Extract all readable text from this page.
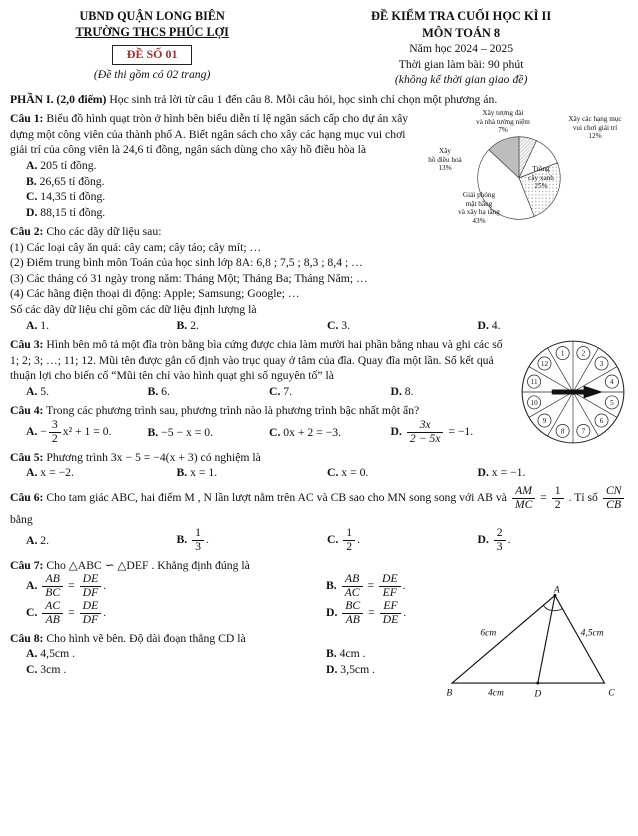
UBND QUẬN LONG BIÊN
TRƯỜNG THCS PHÚC LỢI
ĐỀ SỐ 01
(Đề thi gồm có 02 trang)
ĐỀ KIỂM TRA CUỐI HỌC KÌ II
MÔN TOÁN 8
Năm học 2024 – 2025
Thời gian làm bài: 90 phút
(không kể thời gian giao đề)
PHẦN I. (2,0 điểm) Học sinh trả lời từ câu 1 đến câu 8. Mỗi câu hỏi, học sinh chỉ chọn một phương án.
Xây tượng đài
và nhà tưởng niệm
7%
Xây các hạng mục
vui chơi giải trí
12%
Xây
hồ điều hoà
13%	Trồng
cây xanh
25%
Giải phóng
mặt bằng
và xây hạ tầng
43%
Câu 1: Biểu đồ hình quạt tròn ở hình bên biểu diễn tỉ lệ ngân sách cấp cho dự án xây dựng một công viên của thành phố A. Biết ngân sách cho xây các hạng mục vui chơi giải trí của công viên là 24,6 tỉ đồng, ngân sách dùng cho xây hồ điều hòa là
A. 205 tỉ đồng.
B. 26,65 tỉ đồng.
C. 14,35 tỉ đồng.
D. 88,15 tỉ đồng.
Câu 2: Cho các dãy dữ liệu sau:
(1) Các loại cây ăn quả: cây cam; cây táo; cây mít; …
(2) Điểm trung bình môn Toán của học sinh lớp 8A: 6,8 ; 7,5 ; 8,3 ; 8,4 ; …
(3) Các tháng có 31 ngày trong năm: Tháng Một; Tháng Ba; Tháng Năm; …
(4) Các hãng điện thoại di động: Apple; Samsung; Google; …
Số các dãy dữ liệu chỉ gồm các dữ liệu định lượng là
A. 1.	B. 2.	C. 3.	D. 4.
1	2
3
4
5
6
7
8
9
10
11
12
Câu 3: Hình bên mô tả một đĩa tròn bằng bìa cứng được chia làm mười hai phần bằng nhau và ghi các số 1; 2; 3; …; 11; 12. Mũi tên được gắn cố định vào trục quay ở tâm của đĩa. Quay đĩa một lần. Số kết quả thuận lợi cho biến cố “Mũi tên chỉ vào hình quạt ghi số nguyên tố” là
A. 5.	B. 6.	C. 7.	D. 8.
Câu 4: Trong các phương trình sau, phương trình nào là phương trình bậc nhất một ẩn?
A. − $\frac{3}{2} x^2 + 1 = 0$.	B. −5 − x = 0.	C. 0x + 2 = −3.	D. $\frac{3x}{2 - 5x} = -1$.
Câu 5: Phương trình 3x − 5 = −4(x + 3) có nghiệm là
A. x = −2.	B. x = 1.	C. x = 0.	D. x = −1.
Câu 6: Cho tam giác ABC, hai điểm M , N lần lượt nằm trên AC và CB sao cho MN song song với AB và $\frac{AM}{MC} = \frac{1}{2}$ . Tỉ số $\frac{CN}{CB}$
bằng
A. 2.	B. $\frac{1}{3}$ .	C. $\frac{1}{2}$ .	D. $\frac{2}{3}$ .
A
B	C
D
6cm	4,5cm
4cm
Câu 7: Cho △ABC ∽ △DEF . Khẳng định đúng là
A. $\frac{AB}{BC} = \frac{DE}{DF}$ .	B. $\frac{AB}{AC} = \frac{DE}{EF}$ .
C. $\frac{AC}{AB} = \frac{DE}{DF}$ .	D. $\frac{BC}{AB} = \frac{EF}{DE}$ .
Câu 8: Cho hình vẽ bên. Độ dài đoạn thẳng CD là
A. 4,5cm .	B. 4cm .
C. 3cm .	D. 3,5cm .
